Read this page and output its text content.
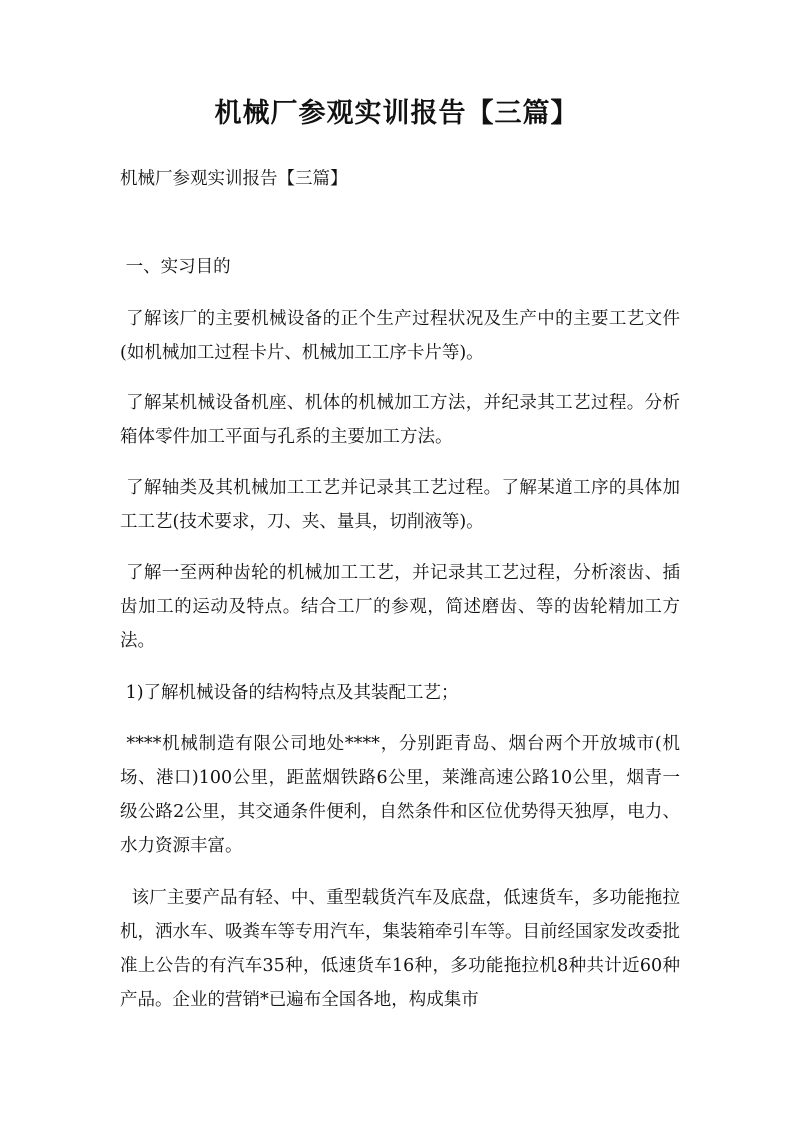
机械厂参观实训报告【三篇】
机械厂参观实训报告【三篇】
一、实习目的
了解该厂的主要机械设备的正个生产过程状况及生产中的主要工艺文件(如机械加工过程卡片、机械加工工序卡片等)。
了解某机械设备机座、机体的机械加工方法，并纪录其工艺过程。分析箱体零件加工平面与孔系的主要加工方法。
了解轴类及其机械加工工艺并记录其工艺过程。了解某道工序的具体加工工艺(技术要求，刀、夹、量具，切削液等)。
了解一至两种齿轮的机械加工工艺，并记录其工艺过程，分析滚齿、插齿加工的运动及特点。结合工厂的参观，简述磨齿、等的齿轮精加工方法。
1)了解机械设备的结构特点及其装配工艺；
****机械制造有限公司地处****，分别距青岛、烟台两个开放城市(机场、港口)100公里，距蓝烟铁路6公里，莱潍高速公路10公里，烟青一级公路2公里，其交通条件便利，自然条件和区位优势得天独厚，电力、水力资源丰富。
该厂主要产品有轻、中、重型载货汽车及底盘，低速货车，多功能拖拉机，洒水车、吸粪车等专用汽车，集装箱牵引车等。目前经国家发改委批准上公告的有汽车35种，低速货车16种，多功能拖拉机8种共计近60种产品。企业的营销*已遍布全国各地，构成集市
